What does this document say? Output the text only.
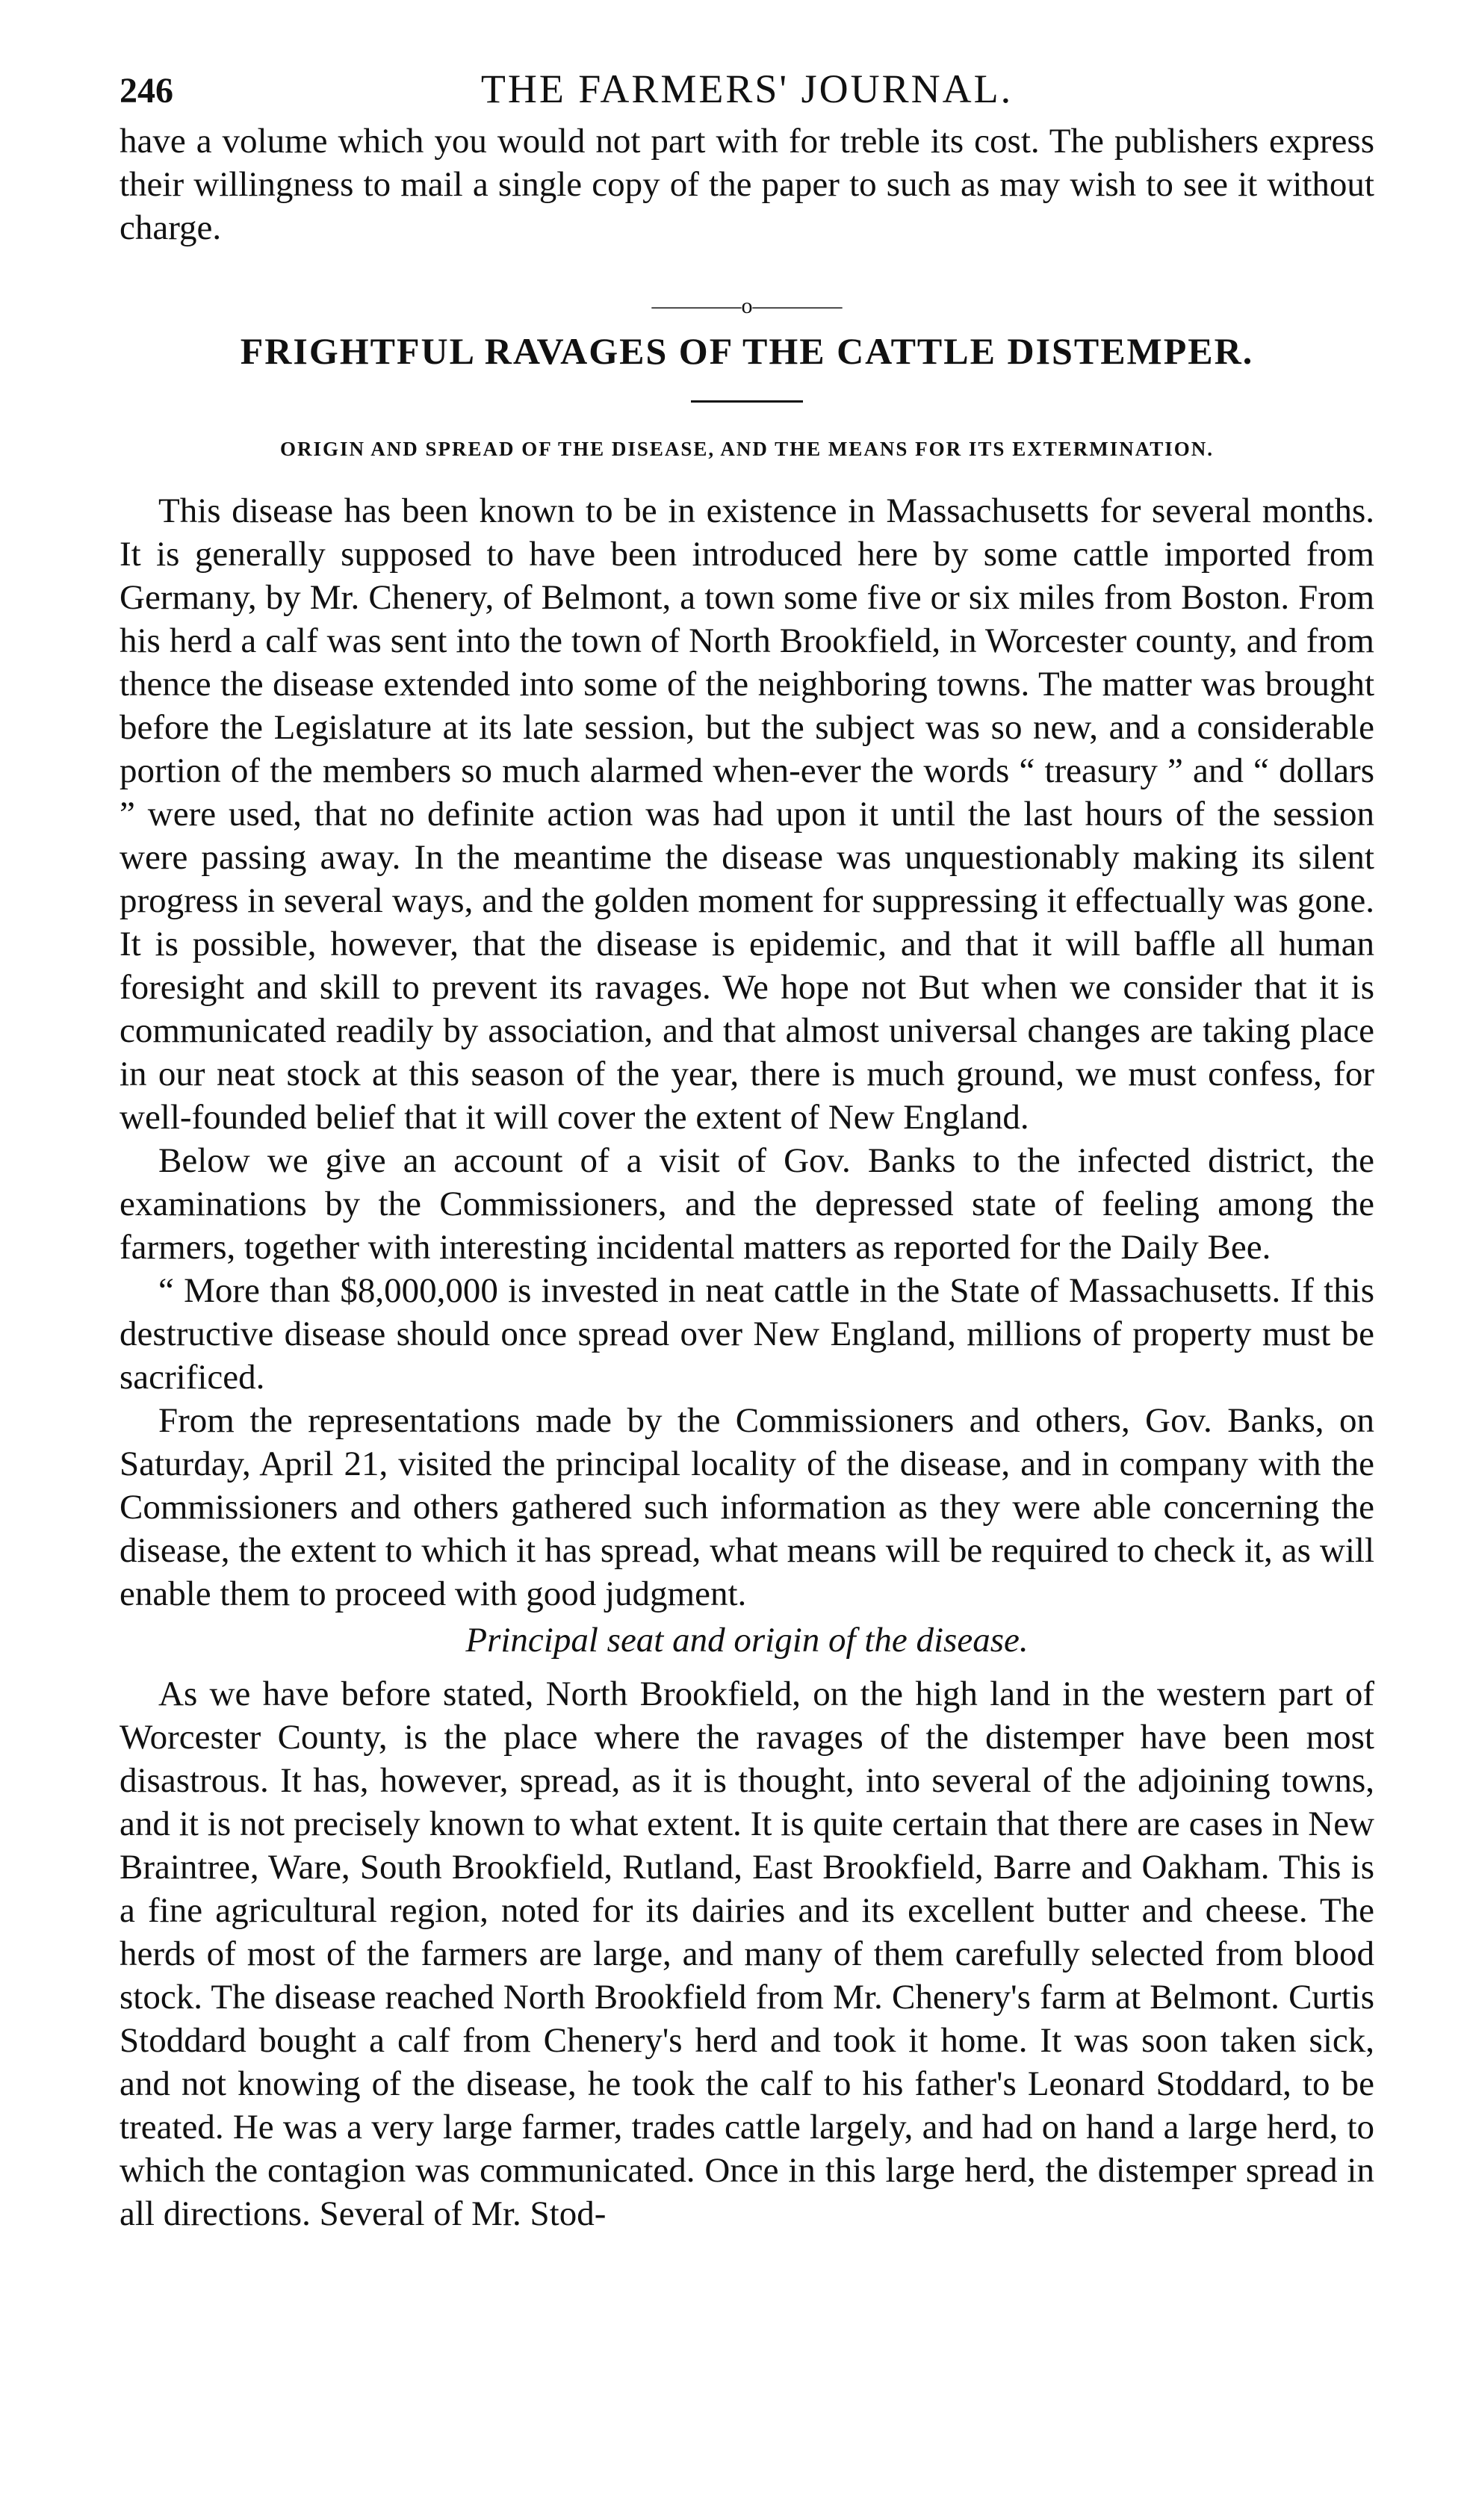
246	THE FARMERS' JOURNAL.

have a volume which you would not part with for treble its cost. The publishers express their willingness to mail a single copy of the paper to such as may wish to see it without charge.

————o————
FRIGHTFUL RAVAGES OF THE CATTLE DISTEMPER.
ORIGIN AND SPREAD OF THE DISEASE, AND THE MEANS FOR ITS EXTERMINATION.

This disease has been known to be in existence in Massachusetts for several months. It is generally supposed to have been introduced here by some cattle imported from Germany, by Mr. Chenery, of Belmont, a town some five or six miles from Boston. From his herd a calf was sent into the town of North Brookfield, in Worcester county, and from thence the disease extended into some of the neighboring towns. The matter was brought before the Legislature at its late session, but the subject was so new, and a considerable portion of the members so much alarmed when-ever the words “ treasury ” and “ dollars ” were used, that no definite action was had upon it until the last hours of the session were passing away. In the meantime the disease was unquestionably making its silent progress in several ways, and the golden moment for suppressing it effectually was gone. It is possible, however, that the disease is epidemic, and that it will baffle all human foresight and skill to prevent its ravages. We hope not But when we consider that it is communicated readily by association, and that almost universal changes are taking place in our neat stock at this season of the year, there is much ground, we must confess, for well-founded belief that it will cover the extent of New England.

Below we give an account of a visit of Gov. Banks to the infected district, the examinations by the Commissioners, and the depressed state of feeling among the farmers, together with interesting incidental matters as reported for the Daily Bee.

“ More than $8,000,000 is invested in neat cattle in the State of Massachusetts. If this destructive disease should once spread over New England, millions of property must be sacrificed.

From the representations made by the Commissioners and others, Gov. Banks, on Saturday, April 21, visited the principal locality of the disease, and in company with the Commissioners and others gathered such information as they were able concerning the disease, the extent to which it has spread, what means will be required to check it, as will enable them to proceed with good judgment.

Principal seat and origin of the disease.

As we have before stated, North Brookfield, on the high land in the western part of Worcester County, is the place where the ravages of the distemper have been most disastrous. It has, however, spread, as it is thought, into several of the adjoining towns, and it is not precisely known to what extent. It is quite certain that there are cases in New Braintree, Ware, South Brookfield, Rutland, East Brookfield, Barre and Oakham. This is a fine agricultural region, noted for its dairies and its excellent butter and cheese. The herds of most of the farmers are large, and many of them carefully selected from blood stock. The disease reached North Brookfield from Mr. Chenery's farm at Belmont. Curtis Stoddard bought a calf from Chenery's herd and took it home. It was soon taken sick, and not knowing of the disease, he took the calf to his father's Leonard Stoddard, to be treated. He was a very large farmer, trades cattle largely, and had on hand a large herd, to which the contagion was communicated. Once in this large herd, the distemper spread in all directions. Several of Mr. Stod-
